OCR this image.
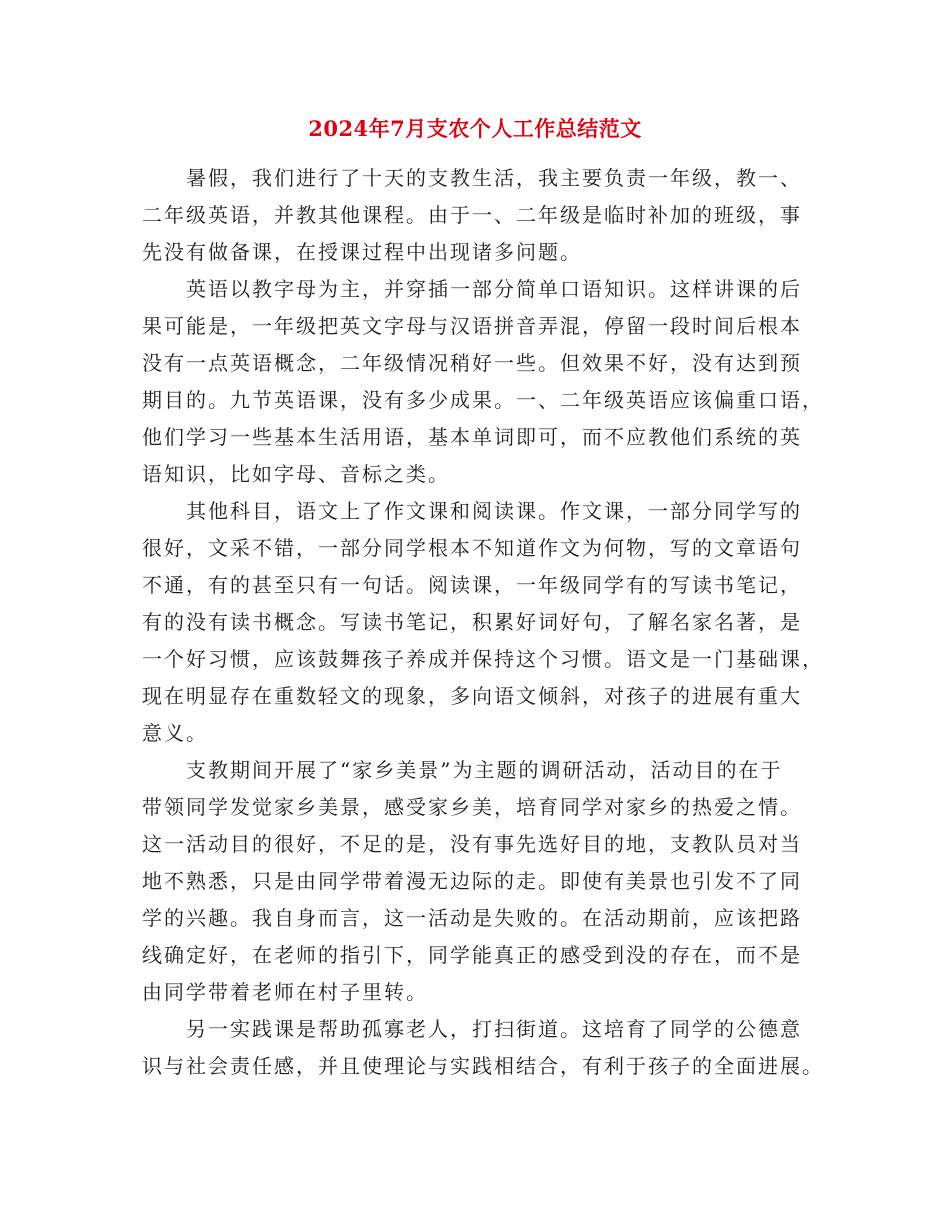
2024年7月支农个人工作总结范文
暑假，我们进行了十天的支教生活，我主要负责一年级，教一、
二年级英语，并教其他课程。由于一、二年级是临时补加的班级，事
先没有做备课，在授课过程中出现诸多问题。
英语以教字母为主，并穿插一部分简单口语知识。这样讲课的后
果可能是，一年级把英文字母与汉语拼音弄混，停留一段时间后根本
没有一点英语概念，二年级情况稍好一些。但效果不好，没有达到预
期目的。九节英语课，没有多少成果。一、二年级英语应该偏重口语，
他们学习一些基本生活用语，基本单词即可，而不应教他们系统的英
语知识，比如字母、音标之类。
其他科目，语文上了作文课和阅读课。作文课，一部分同学写的
很好，文采不错，一部分同学根本不知道作文为何物，写的文章语句
不通，有的甚至只有一句话。阅读课，一年级同学有的写读书笔记，
有的没有读书概念。写读书笔记，积累好词好句，了解名家名著，是
一个好习惯，应该鼓舞孩子养成并保持这个习惯。语文是一门基础课，
现在明显存在重数轻文的现象，多向语文倾斜，对孩子的进展有重大
意义。
支教期间开展了“家乡美景”为主题的调研活动，活动目的在于
带领同学发觉家乡美景，感受家乡美，培育同学对家乡的热爱之情。
这一活动目的很好，不足的是，没有事先选好目的地，支教队员对当
地不熟悉，只是由同学带着漫无边际的走。即使有美景也引发不了同
学的兴趣。我自身而言，这一活动是失败的。在活动期前，应该把路
线确定好，在老师的指引下，同学能真正的感受到没的存在，而不是
由同学带着老师在村子里转。
另一实践课是帮助孤寡老人，打扫街道。这培育了同学的公德意
识与社会责任感，并且使理论与实践相结合，有利于孩子的全面进展。
